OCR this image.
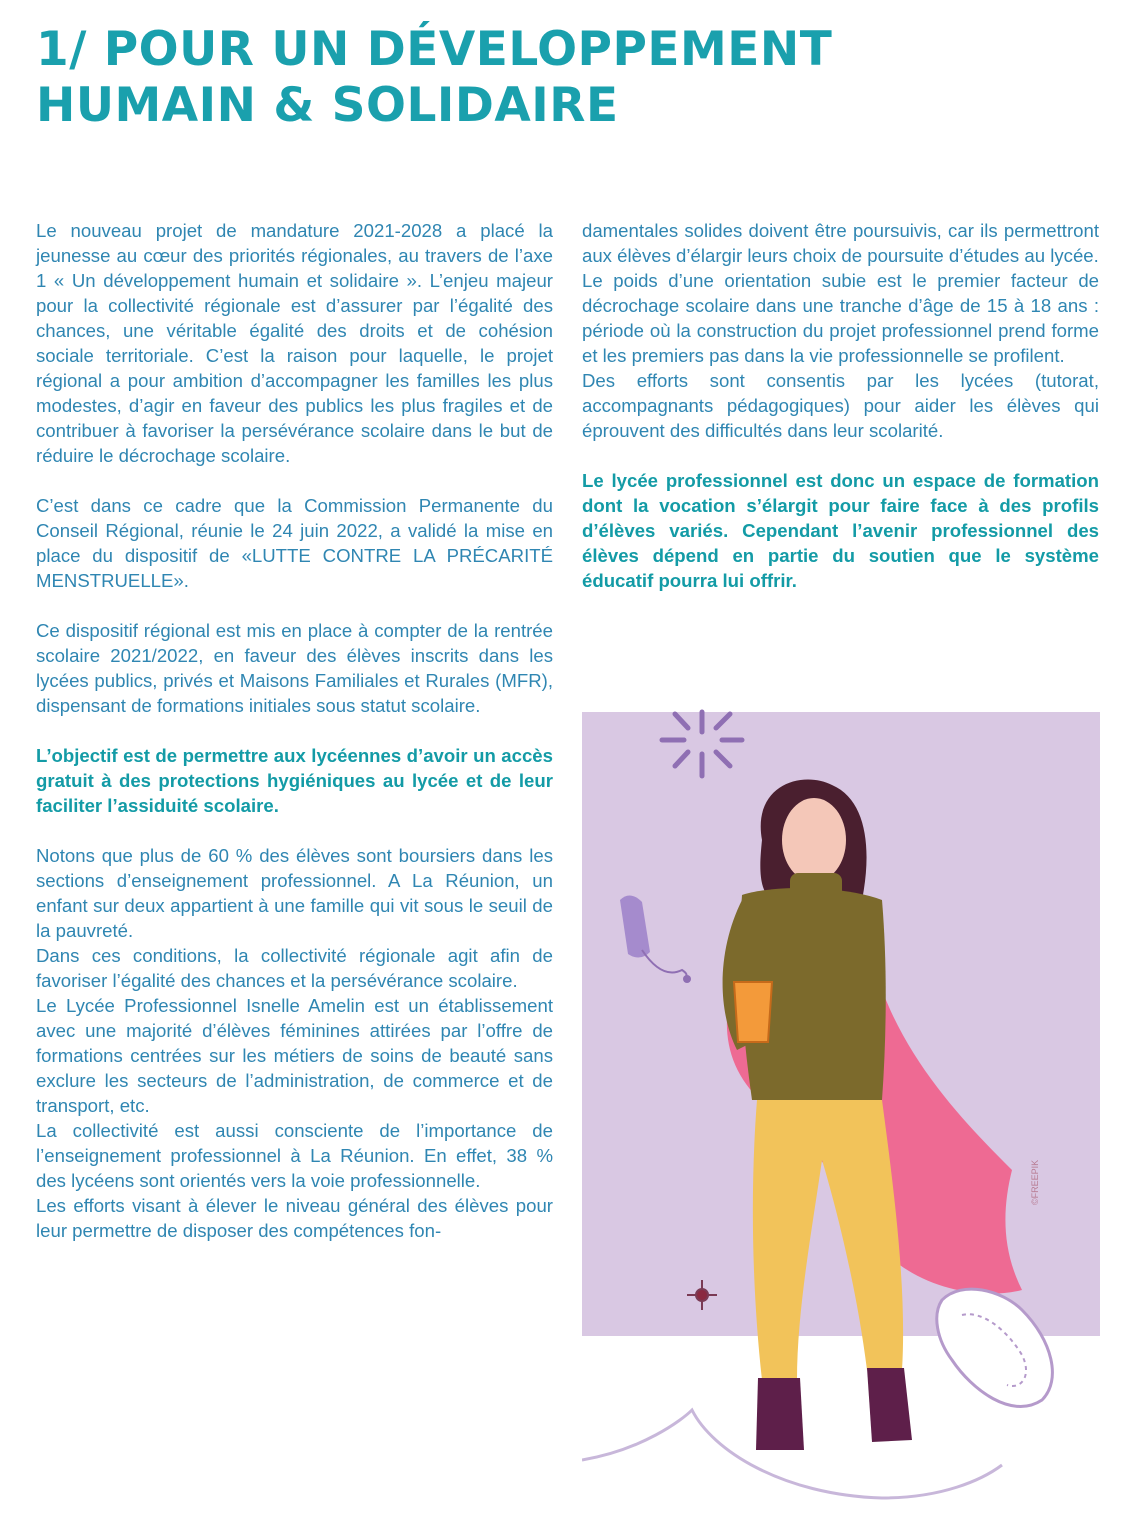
1/ POUR UN DÉVELOPPEMENT
HUMAIN & SOLIDAIRE

Le nouveau projet de mandature 2021-2028 a placé la jeunesse au cœur des priorités régionales, au travers de l’axe 1 « Un développement humain et solidaire ». L’enjeu majeur pour la collectivité régionale est d’assurer par l’égalité des chances, une véritable égalité des droits et de cohésion sociale territoriale. C’est la raison pour laquelle, le projet régional a pour ambition d’accompagner les familles les plus modestes, d’agir en faveur des publics les plus fragiles et de contribuer à favoriser la persévérance scolaire dans le but de réduire le décrochage scolaire.

C’est dans ce cadre que la Commission Permanente du Conseil Régional, réunie le 24 juin 2022, a validé la mise en place du dispositif de «LUTTE CONTRE LA PRÉCARITÉ MENSTRUELLE».

Ce dispositif régional est mis en place à compter de la rentrée scolaire 2021/2022, en faveur des élèves inscrits dans les lycées publics, privés et Maisons Familiales et Rurales (MFR), dispensant de formations initiales sous statut scolaire.

L’objectif est de permettre aux lycéennes d’avoir un accès gratuit à des protections hygiéniques au lycée et de leur faciliter l’assiduité scolaire.

Notons que plus de 60 % des élèves sont boursiers dans les sections d’enseignement professionnel. A La Réunion, un enfant sur deux appartient à une famille qui vit sous le seuil de la pauvreté.

Dans ces conditions, la collectivité régionale agit afin de favoriser l’égalité des chances et la persévérance scolaire.

Le Lycée Professionnel Isnelle Amelin est un établissement avec une majorité d’élèves féminines attirées par l’offre de formations centrées sur les métiers de soins de beauté sans exclure les secteurs de l’administration, de commerce et de transport, etc.

La collectivité est aussi consciente de l’importance de l’enseignement professionnel à La Réunion. En effet, 38 % des lycéens sont orientés vers la voie professionnelle.

Les efforts visant à élever le niveau général des élèves pour leur permettre de disposer des compétences fon-

damentales solides doivent être poursuivis, car ils permettront aux élèves d’élargir leurs choix de poursuite d’études au lycée.

Le poids d’une orientation subie est le premier facteur de décrochage scolaire dans une tranche d’âge de 15 à 18 ans : période où la construction du projet professionnel prend forme et les premiers pas dans la vie professionnelle se profilent.

Des efforts sont consentis par les lycées (tutorat, accompagnants pédagogiques) pour aider les élèves qui éprouvent des difficultés dans leur scolarité.

Le lycée professionnel est donc un espace de formation dont la vocation s’élargit pour faire face à des profils d’élèves variés. Cependant l’avenir professionnel des élèves dépend en partie du soutien que le système éducatif pourra lui offrir.

©FREEPIK
